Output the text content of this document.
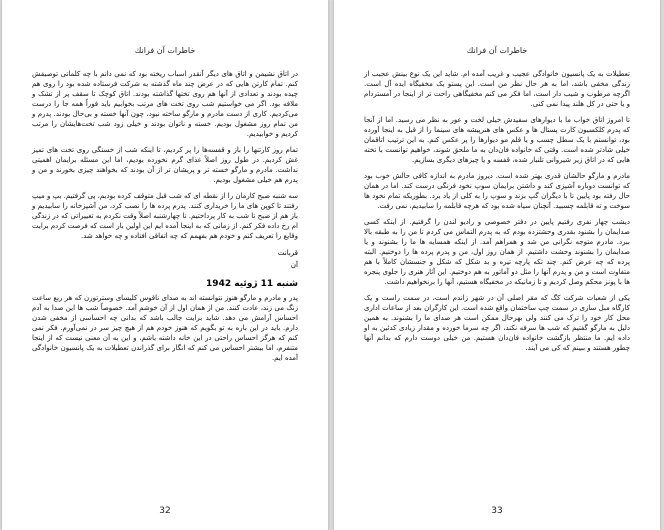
خاطرات آن فرانك

در اتاق نشیمن و اتاق های دیگر آنقدر اسباب ریخته بود که نمی دانم با چه کلماتی توصیفش کنم. تمام کارتن هایی که در عرض چند ماه گذشته به شرکت فرستاده شده بود را روی هم چیده بودند و تعدادی از آنها هم روی تختها گذاشته بودند. اتاق کوچک تا سقف پر از تشک و ملافه بود. اگر می خواستیم شب روی تخت های مرتب بخوابیم باید فوراً همه جا را درست می‌کردیم. کاری از دست مادرم و مارگو ساخته نبود، چون آنها خسته و بی‌حال بودند. پدرم و من تمام روز مشغول بودیم. خسته و ناتوان بودند و خیلی زود شب تخت‌هایشان را مرتب کردیم و خوابیدیم.

تمام روز کارتنها را باز و قفسه‌ها را پر کردیم، تا اینکه شب از خستگی روی تخت های تمیز غش کردیم. در طول روز اصلاً غذای گرم نخورده بودیم، اما این مسئله برایمان اهمیتی نداشت. مادرم و مارگو خسته تر و پریشان تر از آن بودند که بخواهند چیزی بخورند و من و پدرم هم خیلی مشغول بودیم.

سه شنبه صبح کارمان را از نقطه ای که شب قبل متوقف کرده بودیم، پی گرفتیم. بپ و میپ رفتند تا کوپن های ما را خریداری کنند. پدرم پرده ها را نصب کرد، من آشپزخانه را سابیدیم و باز هم از صبح تا شب به کار پرداختیم. تا چهارشنبه اصلاً وقت نکردم به تغییراتی که در زندگی ام رخ داده فکر کنم. از زمانی که به اینجا آمده ایم این اولین بار است که فرصت کردم برایت وقایع را تعریف کنم و خودم هم بفهمم که چه اتفاقی افتاده و چه خواهد شد.

قربانت
آن
شنبه 11 ژوئیه 1942

پدر و مادرم و مارگو هنوز نتوانسته اند به صدای ناقوس کلیسای وسترتورن که هر ربع ساعت زنگ می زند، عادت کنند. من از همان اول از آن خوشم آمد. خصوصاً شب ها این صدا به آدم احساس آرامش می دهد. شاید برایت جالب باشد که بدانی چه احساسی از مخفی شدن دارم. باید در این باره به تو بگویم که هنوز خودم هم از هیچ چیز سر در نمی‌آورم. فکر نمی کنم که هرگز احساس راحتی در این خانه داشته باشم، و این به آن معنی نیست که از اینجا متنفرم، اما بیشتر احساس می کنم که انگار برای گذراندن تعطیلات به یک پانسیون خانوادگی آمده ایم.

32
خاطرات آن فرانك

تعطیلات به یک پانسیون خانوادگی عجیب و غریب آمده ام. شاید این یک نوع بینش عجیب از زندگی مخفی باشد، اما به هر حال نظر من است. این پستو یک مخفیگاه ایده آل است. اگرچه مرطوب و شیب دار است، اما فکر می کنم مخفیگاهی راحت تر از اینجا در آمستردام و یا حتی در کل هلند پیدا نمی کنی.

تا امروز اتاق خواب ما با دیوارهای سفیدش خیلی لخت و عور به نظر می رسید. اما از آنجا که پدرم کلکسیون کارت پستال ها و عکس های هنرپیشه های سینما را از قبل به اینجا آورده بود، توانستم با یک سطل چسب و یا قلم مو دیوارها را پر عکس کنم. به این ترتیب اتاقمان خیلی شادتر شده است. وقتی که خانواده فان‌دان به ما ملحق شوند، خواهیم توانست با تخته هایی که در اتاق زیر شیروانی تلنبار شده، قفسه و یا چیزهای دیگری بسازیم.

مادرم و مارگو حالشان قدری بهتر شده است. دیروز مادرم به اندازه کافی حالش خوب بود که توانست دوباره آشپزی کند و داشتن برایمان سوپ نخود فرنگی درست کند. اما در همان حال رفته بود پایین تا با دیگران گپ بزند و سوپ را به کلی از یاد برد. بطوریکه تمام نخود ها سوخت و ته قابلمه چسبید. آنچنان سیاه شده بود که هرچه قابلمه را سابیدیم، نمی رفت.

دیشب چهار نفری رفتیم پایین در دفتر خصوصی و رادیو لندن را گرفتیم. از اینکه کسی صدایمان را بشنود بقدری وحشتزده بودم که به پدرم التماس می کردم تا من را به طبقه بالا ببرد. مادرم متوجه نگرانی من شد و همراهم آمد. از اینکه همسایه ها ما را بشنوند و یا صدایمان را بشنوند وحشت داشتیم. از همان روز اول، من و پدرم پرده ها را دوختیم. البته پرده که چه عرض کنم. چند تکه پارچه تیره و بد شکل که شکل و جنسشان کاملاً با هم متفاوت است و من و پدرم آنها را مثل دو آماتور به هم دوختیم. این آثار هنری را جلوی پنجره ها با پونز محکم وصل کردیم و تا زمانیکه در مخفیگاه هستیم، آنها را برنخواهیم داشت.

یکی از شعبات شرکت کگ که مقر اصلی آن در شهر زاندم است، در سمت راست و یک کارگاه مبل سازی در سمت چپ ساختمان واقع شده است. این کارگران بعد از ساعات اداری محل کار خود را ترک می کنند ولی بهرحال ممکن است هر صدای ما را بشنوند. به همین دلیل به مارگو گفتیم که شب ها سرفه نکند، اگر چه سرما خورده و مقدار زیادی کدئین به او داده ایم. ما منتظر بازگشت خانواده فان‌دان هستیم. من خیلی دوست دارم که بدانم آنها چطور هستند و ببینم که کی می آیند.

33
